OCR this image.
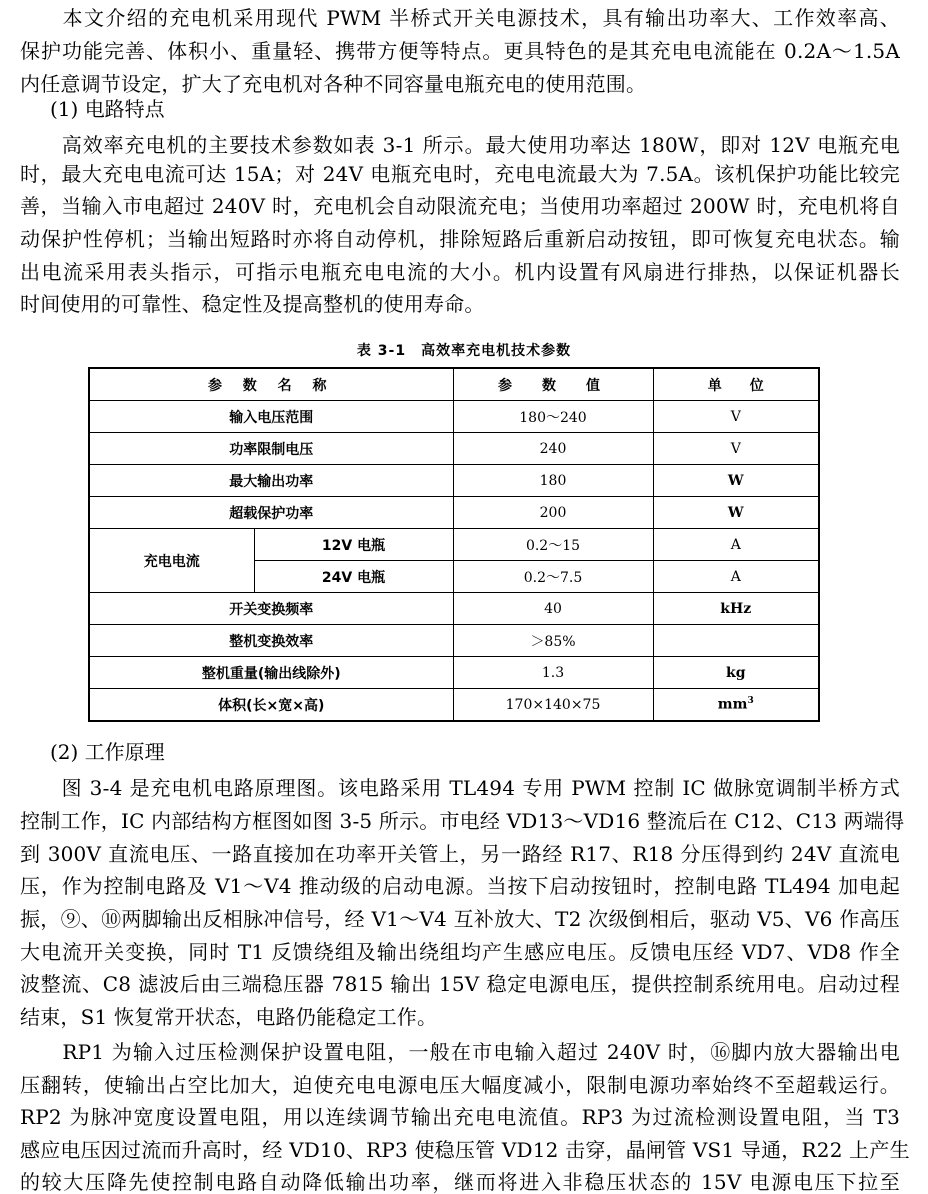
　　本文介绍的充电机采用现代 PWM 半桥式开关电源技术，具有输出功率大、工作效率高、
保护功能完善、体积小、重量轻、携带方便等特点。更具特色的是其充电电流能在 0.2A～1.5A
内任意调节设定，扩大了充电机对各种不同容量电瓶充电的使用范围。
(1) 电路特点
　　高效率充电机的主要技术参数如表 3-1 所示。最大使用功率达 180W，即对 12V 电瓶充电
时，最大充电电流可达 15A；对 24V 电瓶充电时，充电电流最大为 7.5A。该机保护功能比较完
善，当输入市电超过 240V 时，充电机会自动限流充电；当使用功率超过 200W 时，充电机将自
动保护性停机；当输出短路时亦将自动停机，排除短路后重新启动按钮，即可恢复充电状态。输
出电流采用表头指示，可指示电瓶充电电流的大小。机内设置有风扇进行排热，以保证机器长
时间使用的可靠性、稳定性及提高整机的使用寿命。
表 3-1　高效率充电机技术参数
参 数 名 称		参　数　值	单　　位
输入电压范围		180～240	V
功率限制电压		240	V
最大输出功率		180	W
超载保护功率		200	W
充电电流	12V 电瓶	0.2～15	A
	24V 电瓶	0.2～7.5	A
开关变换频率		40	kHz
整机变换效率		＞85%	
整机重量(输出线除外)		1.3	kg
体积(长×宽×高)		170×140×75	$mm^3$
(2) 工作原理
　　图 3-4 是充电机电路原理图。该电路采用 TL494 专用 PWM 控制 IC 做脉宽调制半桥方式
控制工作，IC 内部结构方框图如图 3-5 所示。市电经 VD13～VD16 整流后在 C12、C13 两端得
到 300V 直流电压、一路直接加在功率开关管上，另一路经 R17、R18 分压得到约 24V 直流电
压，作为控制电路及 V1～V4 推动级的启动电源。当按下启动按钮时，控制电路 TL494 加电起
振，⑨、⑩两脚输出反相脉冲信号，经 V1～V4 互补放大、T2 次级倒相后，驱动 V5、V6 作高压
大电流开关变换，同时 T1 反馈绕组及输出绕组均产生感应电压。反馈电压经 VD7、VD8 作全
波整流、C8 滤波后由三端稳压器 7815 输出 15V 稳定电源电压，提供控制系统用电。启动过程
结束，S1 恢复常开状态，电路仍能稳定工作。
　　RP1 为输入过压检测保护设置电阻，一般在市电输入超过 240V 时，⑯脚内放大器输出电
压翻转，使输出占空比加大，迫使充电电源电压大幅度减小，限制电源功率始终不至超载运行。
RP2 为脉冲宽度设置电阻，用以连续调节输出充电电流值。RP3 为过流检测设置电阻，当 T3
感应电压因过流而升高时，经 VD10、RP3 使稳压管 VD12 击穿，晶闸管 VS1 导通，R22 上产生
的较大压降先使控制电路自动降低输出功率，继而将进入非稳压状态的 15V 电源电压下拉至
